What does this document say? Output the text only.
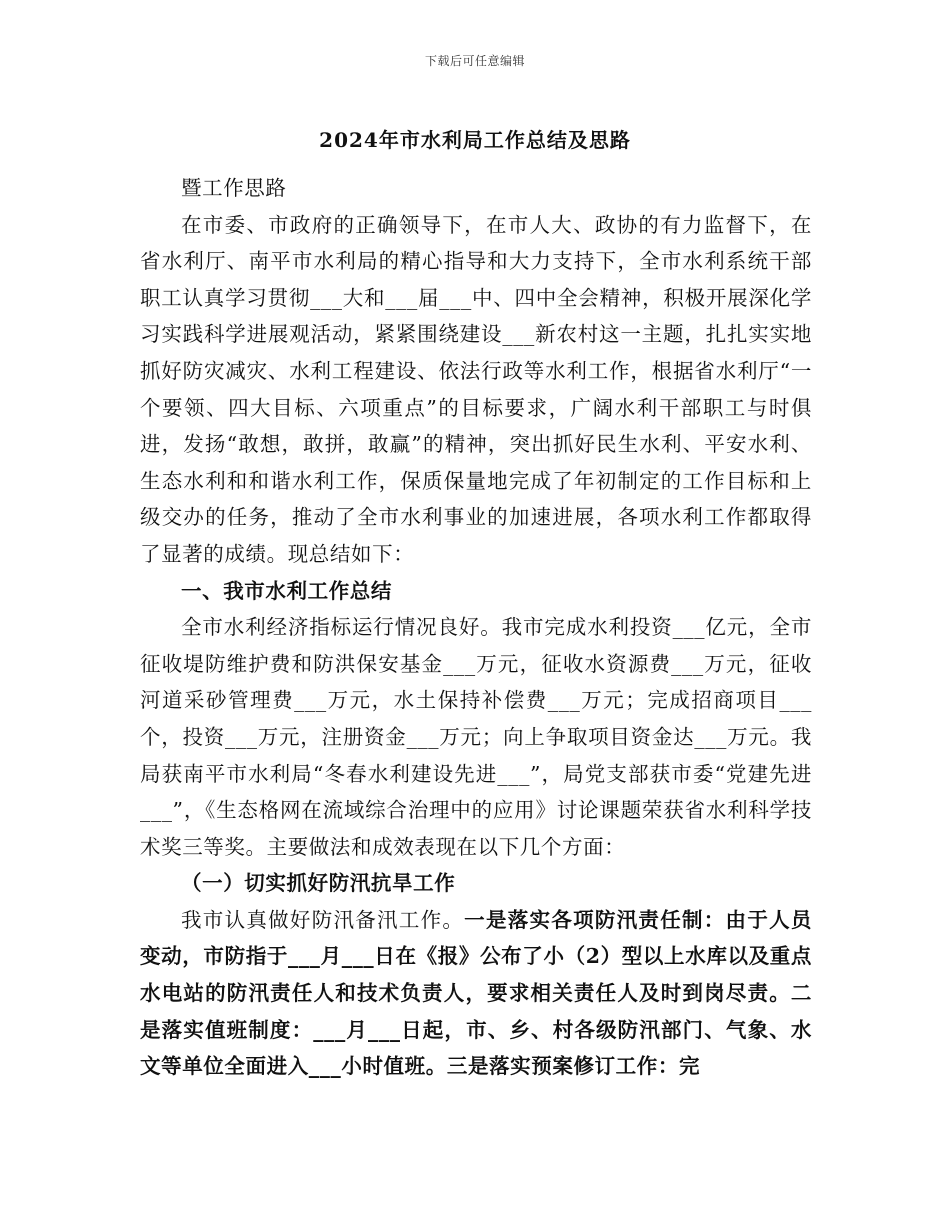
下载后可任意编辑
2024年市水利局工作总结及思路

暨工作思路

在市委、市政府的正确领导下，在市人大、政协的有力监督下，在省水利厅、南平市水利局的精心指导和大力支持下，全市水利系统干部职工认真学习贯彻___大和___届___中、四中全会精神，积极开展深化学习实践科学进展观活动，紧紧围绕建设___新农村这一主题，扎扎实实地抓好防灾减灾、水利工程建设、依法行政等水利工作，根据省水利厅“一个要领、四大目标、六项重点”的目标要求，广阔水利干部职工与时俱进，发扬“敢想，敢拼，敢赢”的精神，突出抓好民生水利、平安水利、生态水利和和谐水利工作，保质保量地完成了年初制定的工作目标和上级交办的任务，推动了全市水利事业的加速进展，各项水利工作都取得了显著的成绩。现总结如下：

一、我市水利工作总结

全市水利经济指标运行情况良好。我市完成水利投资___亿元，全市征收堤防维护费和防洪保安基金___万元，征收水资源费___万元，征收河道采砂管理费___万元，水土保持补偿费___万元；完成招商项目___个，投资___万元，注册资金___万元；向上争取项目资金达___万元。我局获南平市水利局“冬春水利建设先进___”，局党支部获市委“党建先进___”，《生态格网在流域综合治理中的应用》讨论课题荣获省水利科学技术奖三等奖。主要做法和成效表现在以下几个方面：

（一）切实抓好防汛抗旱工作

我市认真做好防汛备汛工作。一是落实各项防汛责任制：由于人员变动，市防指于___月___日在《报》公布了小（2）型以上水库以及重点水电站的防汛责任人和技术负责人，要求相关责任人及时到岗尽责。二是落实值班制度：___月___日起，市、乡、村各级防汛部门、气象、水文等单位全面进入___小时值班。三是落实预案修订工作：完
